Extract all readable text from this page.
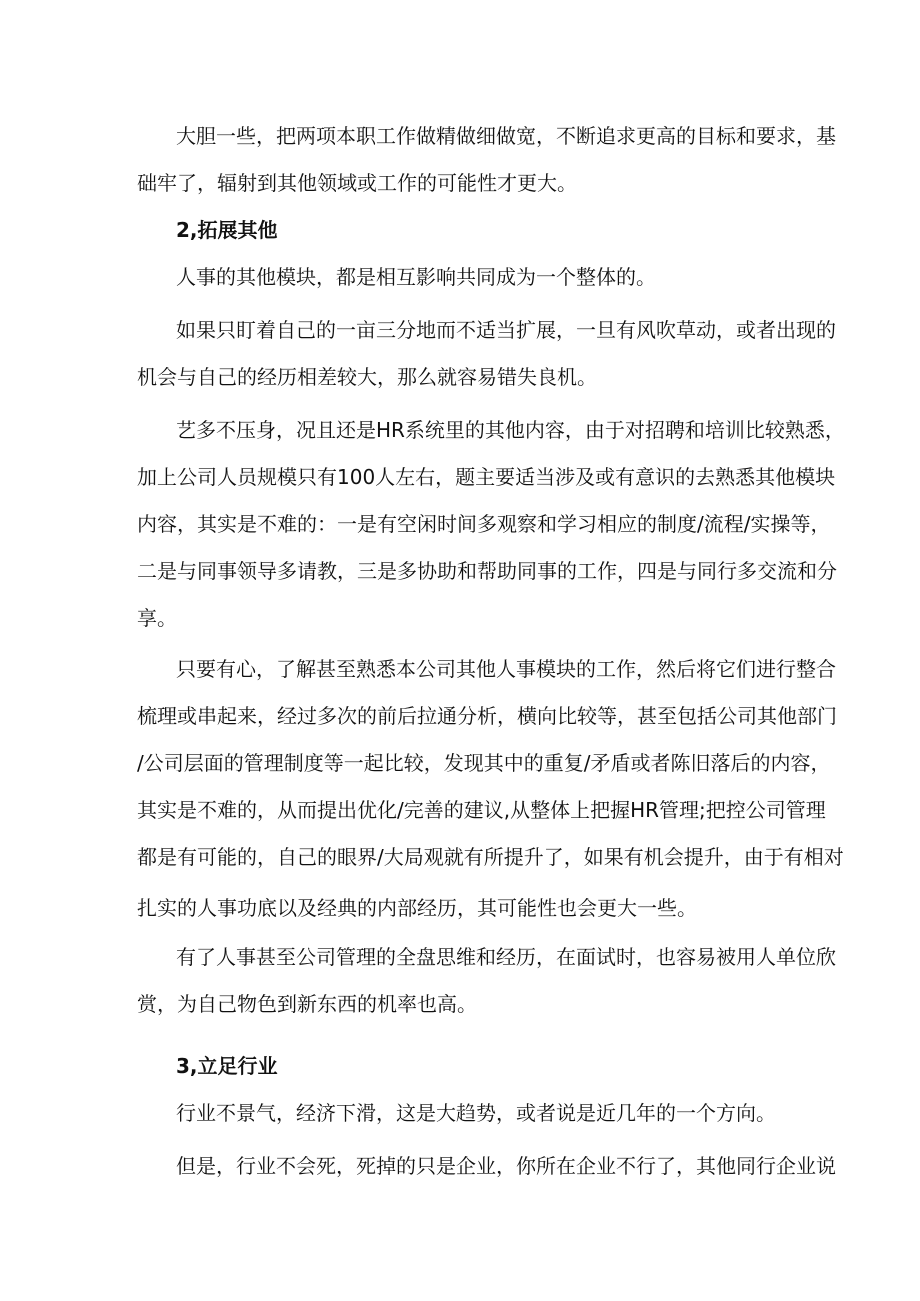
大胆一些，把两项本职工作做精做细做宽，不断追求更高的目标和要求，基
础牢了，辐射到其他领域或工作的可能性才更大。
2,拓展其他
人事的其他模块，都是相互影响共同成为一个整体的。
如果只盯着自己的一亩三分地而不适当扩展，一旦有风吹草动，或者出现的
机会与自己的经历相差较大，那么就容易错失良机。
艺多不压身，况且还是HR系统里的其他内容，由于对招聘和培训比较熟悉，
加上公司人员规模只有100人左右，题主要适当涉及或有意识的去熟悉其他模块
内容，其实是不难的：一是有空闲时间多观察和学习相应的制度/流程/实操等，
二是与同事领导多请教，三是多协助和帮助同事的工作，四是与同行多交流和分
享。
只要有心，了解甚至熟悉本公司其他人事模块的工作，然后将它们进行整合
梳理或串起来，经过多次的前后拉通分析，横向比较等，甚至包括公司其他部门
/公司层面的管理制度等一起比较，发现其中的重复/矛盾或者陈旧落后的内容，
其实是不难的，从而提出优化/完善的建议,从整体上把握HR管理;把控公司管理
都是有可能的，自己的眼界/大局观就有所提升了，如果有机会提升，由于有相对
扎实的人事功底以及经典的内部经历，其可能性也会更大一些。
有了人事甚至公司管理的全盘思维和经历，在面试时，也容易被用人单位欣
赏，为自己物色到新东西的机率也高。
3,立足行业
行业不景气，经济下滑，这是大趋势，或者说是近几年的一个方向。
但是，行业不会死，死掉的只是企业，你所在企业不行了，其他同行企业说
